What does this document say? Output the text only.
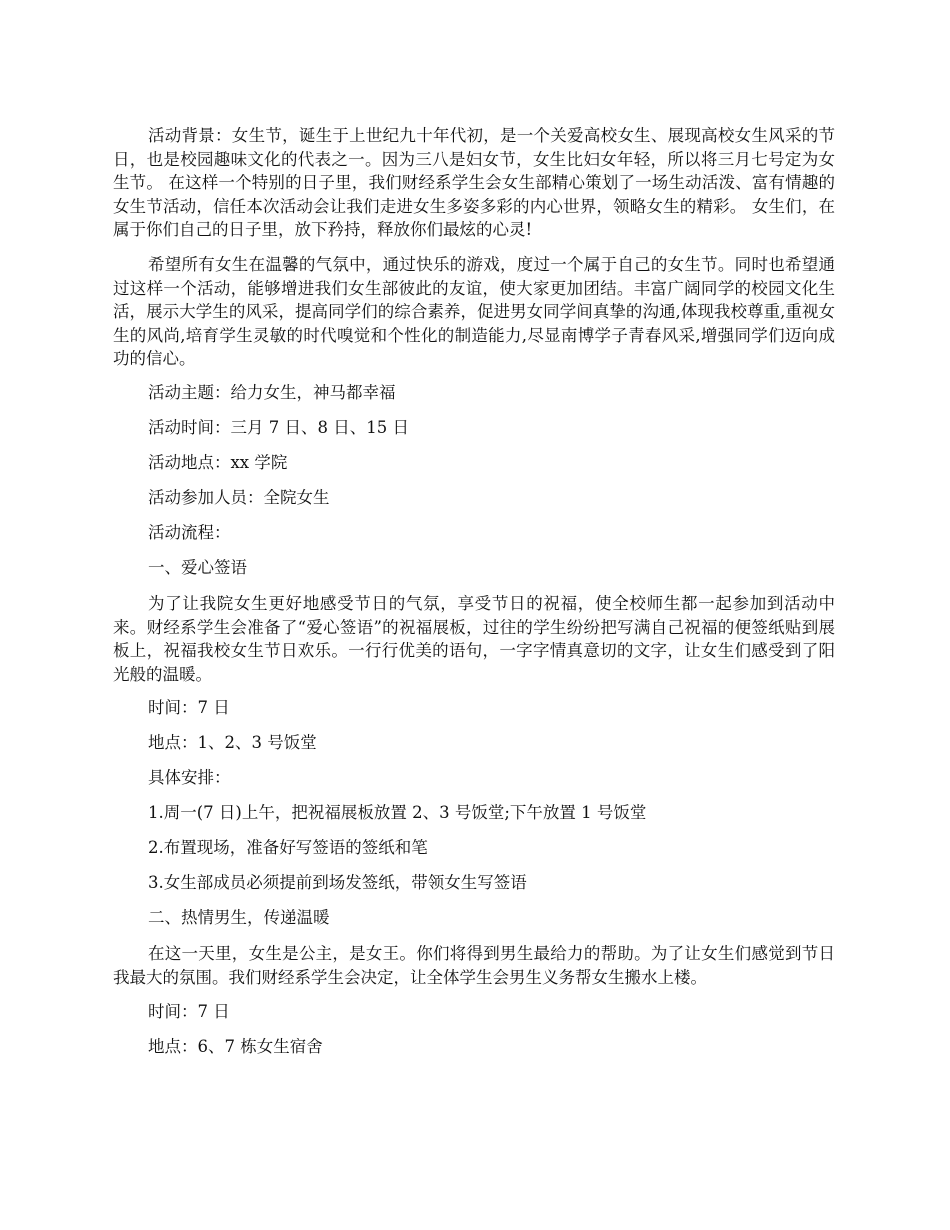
活动背景：女生节，诞生于上世纪九十年代初，是一个关爱高校女生、展现高校女生风采的节日，也是校园趣味文化的代表之一。因为三八是妇女节，女生比妇女年轻，所以将三月七号定为女生节。 在这样一个特别的日子里，我们财经系学生会女生部精心策划了一场生动活泼、富有情趣的女生节活动，信任本次活动会让我们走进女生多姿多彩的内心世界，领略女生的精彩。 女生们，在属于你们自己的日子里，放下矜持，释放你们最炫的心灵!

希望所有女生在温馨的气氛中，通过快乐的游戏，度过一个属于自己的女生节。同时也希望通过这样一个活动，能够增进我们女生部彼此的友谊，使大家更加团结。丰富广阔同学的校园文化生活，展示大学生的风采，提高同学们的综合素养，促进男女同学间真挚的沟通,体现我校尊重,重视女生的风尚,培育学生灵敏的时代嗅觉和个性化的制造能力,尽显南博学子青春风采,增强同学们迈向成功的信心。

活动主题：给力女生，神马都幸福

活动时间：三月 7 日、8 日、15 日

活动地点：xx 学院

活动参加人员：全院女生

活动流程：

一、爱心签语

为了让我院女生更好地感受节日的气氛，享受节日的祝福，使全校师生都一起参加到活动中来。财经系学生会准备了“爱心签语”的祝福展板，过往的学生纷纷把写满自己祝福的便签纸贴到展板上，祝福我校女生节日欢乐。一行行优美的语句，一字字情真意切的文字，让女生们感受到了阳光般的温暖。

时间：7 日

地点：1、2、3 号饭堂

具体安排：

1.周一(7 日)上午，把祝福展板放置 2、3 号饭堂;下午放置 1 号饭堂

2.布置现场，准备好写签语的签纸和笔

3.女生部成员必须提前到场发签纸，带领女生写签语

二、热情男生，传递温暖

在这一天里，女生是公主，是女王。你们将得到男生最给力的帮助。为了让女生们感觉到节日我最大的氛围。我们财经系学生会决定，让全体学生会男生义务帮女生搬水上楼。

时间：7 日

地点：6、7 栋女生宿舍
